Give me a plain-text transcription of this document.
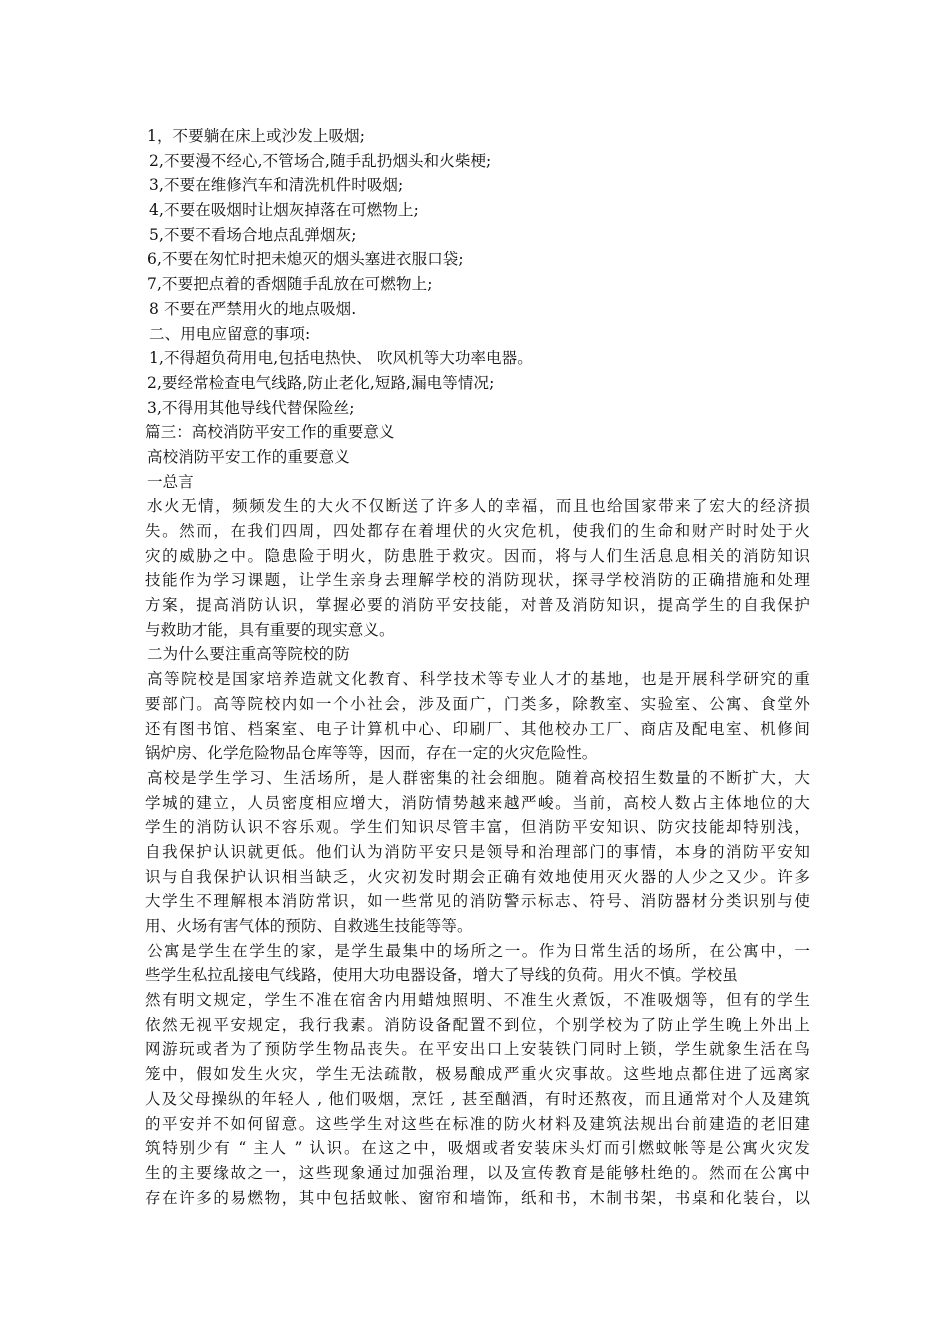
1，不要躺在床上或沙发上吸烟;
2,不要漫不经心,不管场合,随手乱扔烟头和火柴梗;
3,不要在维修汽车和清洗机件时吸烟;
4,不要在吸烟时让烟灰掉落在可燃物上;
5,不要不看场合地点乱弹烟灰;
6,不要在匆忙时把未熄灭的烟头塞进衣服口袋;
7,不要把点着的香烟随手乱放在可燃物上;
8 不要在严禁用火的地点吸烟.
二、用电应留意的事项:
1,不得超负荷用电,包括电热快、 吹风机等大功率电器。
2,要经常检查电气线路,防止老化,短路,漏电等情况;
3,不得用其他导线代替保险丝;
篇三：高校消防平安工作的重要意义
高校消防平安工作的重要意义
一总言
水火无情，频频发生的大火不仅断送了许多人的幸福，而且也给国家带来了宏大的经济损
失。然而，在我们四周，四处都存在着埋伏的火灾危机，使我们的生命和财产时时处于火
灾的威胁之中。隐患险于明火，防患胜于救灾。因而，将与人们生活息息相关的消防知识
技能作为学习课题，让学生亲身去理解学校的消防现状，探寻学校消防的正确措施和处理
方案，提高消防认识，掌握必要的消防平安技能，对普及消防知识，提高学生的自我保护
与救助才能，具有重要的现实意义。
二为什么要注重高等院校的防
高等院校是国家培养造就文化教育、科学技术等专业人才的基地，也是开展科学研究的重
要部门。高等院校内如一个小社会，涉及面广，门类多，除教室、实验室、公寓、食堂外
还有图书馆、档案室、电子计算机中心、印刷厂、其他校办工厂、商店及配电室、机修间
锅炉房、化学危险物品仓库等等，因而，存在一定的火灾危险性。
高校是学生学习、生活场所，是人群密集的社会细胞。随着高校招生数量的不断扩大，大
学城的建立，人员密度相应增大，消防情势越来越严峻。当前，高校人数占主体地位的大
学生的消防认识不容乐观。学生们知识尽管丰富，但消防平安知识、防灾技能却特别浅，
自我保护认识就更低。他们认为消防平安只是领导和治理部门的事情，本身的消防平安知
识与自我保护认识相当缺乏，火灾初发时期会正确有效地使用灭火器的人少之又少。许多
大学生不理解根本消防常识，如一些常见的消防警示标志、符号、消防器材分类识别与使
用、火场有害气体的预防、自救逃生技能等等。
公寓是学生在学生的家，是学生最集中的场所之一。作为日常生活的场所，在公寓中，一
些学生私拉乱接电气线路，使用大功电器设备，增大了导线的负荷。用火不慎。学校虽
然有明文规定，学生不准在宿舍内用蜡烛照明、不准生火煮饭，不准吸烟等，但有的学生
依然无视平安规定，我行我素。消防设备配置不到位，个别学校为了防止学生晚上外出上
网游玩或者为了预防学生物品丧失。在平安出口上安装铁门同时上锁，学生就象生活在鸟
笼中，假如发生火灾，学生无法疏散，极易酿成严重火灾事故。这些地点都住进了远离家
人及父母操纵的年轻人 , 他们吸烟，烹饪 , 甚至酗酒，有时还熬夜，而且通常对个人及建筑
的平安并不如何留意。这些学生对这些在标准的防火材料及建筑法规出台前建造的老旧建
筑特别少有 “ 主人 ” 认识。在这之中，吸烟或者安装床头灯而引燃蚊帐等是公寓火灾发
生的主要缘故之一，这些现象通过加强治理，以及宣传教育是能够杜绝的。然而在公寓中
存在许多的易燃物，其中包括蚊帐、窗帘和墙饰，纸和书，木制书架，书桌和化装台，以
